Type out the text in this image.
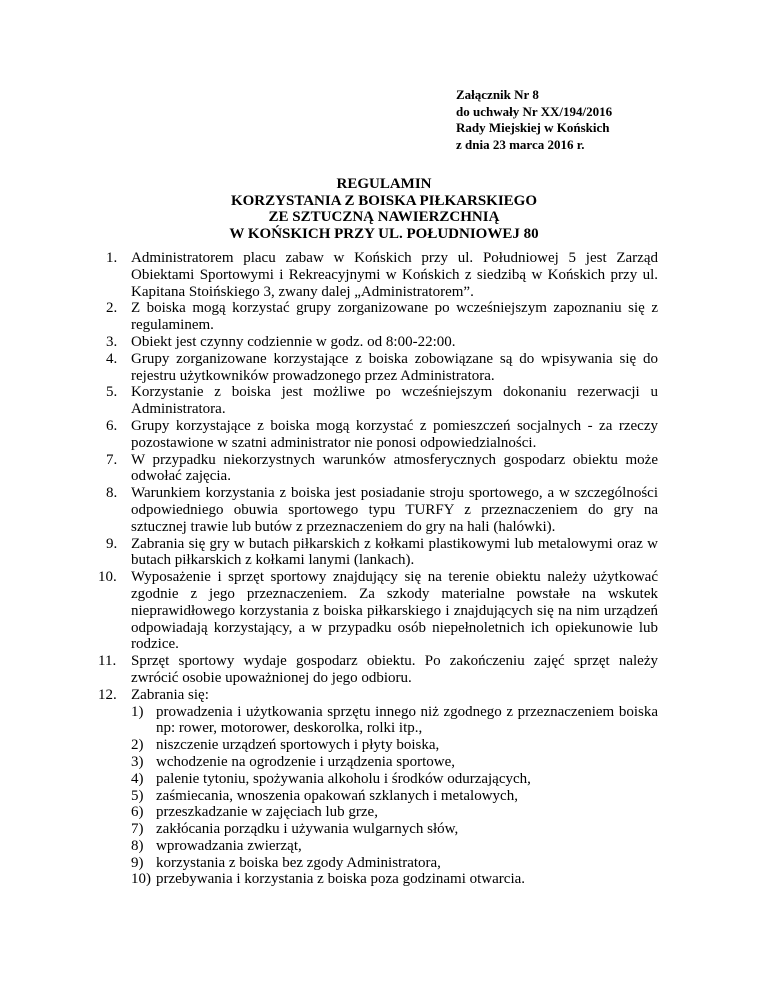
Załącznik Nr 8
do uchwały Nr XX/194/2016
Rady Miejskiej w Końskich
z dnia 23 marca 2016 r.
REGULAMIN
KORZYSTANIA Z BOISKA PIŁKARSKIEGO
ZE SZTUCZNĄ NAWIERZCHNIĄ
W KOŃSKICH PRZY UL. POŁUDNIOWEJ 80
1. Administratorem placu zabaw w Końskich przy ul. Południowej 5 jest Zarząd Obiektami Sportowymi i Rekreacyjnymi w Końskich z siedzibą w Końskich przy ul. Kapitana Stoińskiego 3, zwany dalej „Administratorem”.
2. Z boiska mogą korzystać grupy zorganizowane po wcześniejszym zapoznaniu się z regulaminem.
3. Obiekt jest czynny codziennie w godz. od 8:00-22:00.
4. Grupy zorganizowane korzystające z boiska zobowiązane są do wpisywania się do rejestru użytkowników prowadzonego przez Administratora.
5. Korzystanie z boiska jest możliwe po wcześniejszym dokonaniu rezerwacji u Administratora.
6. Grupy korzystające z boiska mogą korzystać z pomieszczeń socjalnych - za rzeczy pozostawione w szatni administrator nie ponosi odpowiedzialności.
7. W przypadku niekorzystnych warunków atmosferycznych gospodarz obiektu może odwołać zajęcia.
8. Warunkiem korzystania z boiska jest posiadanie stroju sportowego, a w szczególności odpowiedniego obuwia sportowego typu TURFY z przeznaczeniem do gry na sztucznej trawie lub butów z przeznaczeniem do gry na hali (halówki).
9. Zabrania się gry w butach piłkarskich z kołkami plastikowymi lub metalowymi oraz w butach piłkarskich z kołkami lanymi (lankach).
10. Wyposażenie i sprzęt sportowy znajdujący się na terenie obiektu należy użytkować zgodnie z jego przeznaczeniem. Za szkody materialne powstałe na wskutek nieprawidłowego korzystania z boiska piłkarskiego i znajdujących się na nim urządzeń odpowiadają korzystający, a w przypadku osób niepełnoletnich ich opiekunowie lub rodzice.
11. Sprzęt sportowy wydaje gospodarz obiektu. Po zakończeniu zajęć sprzęt należy zwrócić osobie upoważnionej do jego odbioru.
12. Zabrania się:
1) prowadzenia i użytkowania sprzętu innego niż zgodnego z przeznaczeniem boiska np: rower, motorower, deskorolka, rolki itp.,
2) niszczenie urządzeń sportowych i płyty boiska,
3) wchodzenie na ogrodzenie i urządzenia sportowe,
4) palenie tytoniu, spożywania alkoholu i środków odurzających,
5) zaśmiecania, wnoszenia opakowań szklanych i metalowych,
6) przeszkadzanie w zajęciach lub grze,
7) zakłócania porządku i używania wulgarnych słów,
8) wprowadzania zwierząt,
9) korzystania z boiska bez zgody Administratora,
10) przebywania i korzystania z boiska poza godzinami otwarcia.
